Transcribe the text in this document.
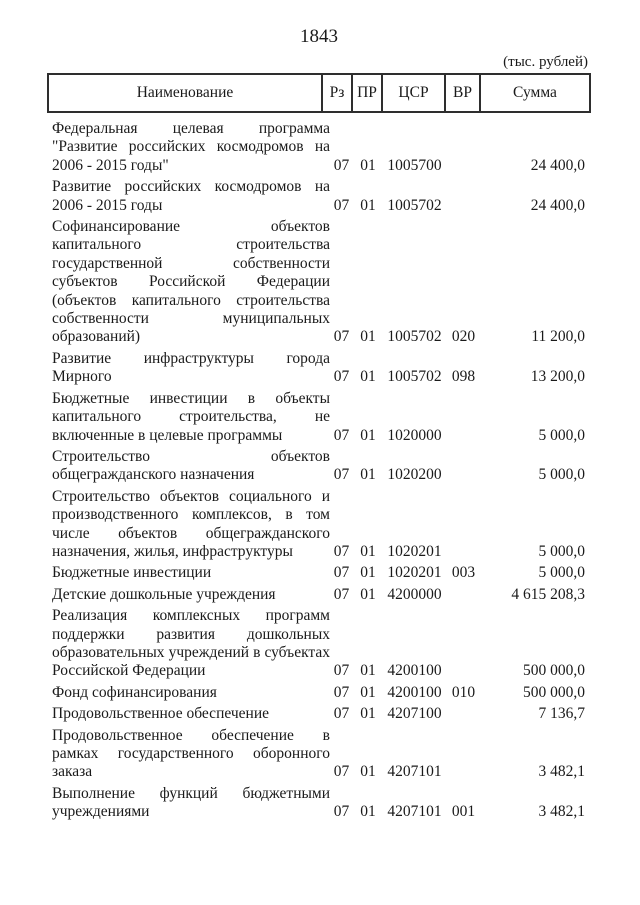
1843
(тыс. рублей)
Наименование	Рз ПР	ЦСР	ВР	Сумма
Федеральная целевая программа "Развитие российских космодромов на 2006 - 2015 годы"	07 01 1005700	24 400,0
Развитие российских космодромов на 2006 - 2015 годы	07 01 1005702	24 400,0
Софинансирование объектов капитального строительства государственной собственности субъектов Российской Федерации (объектов капитального строительства собственности муниципальных образований)	07 01 1005702 020	11 200,0
Развитие инфраструктуры города Мирного	07 01 1005702 098	13 200,0
Бюджетные инвестиции в объекты капитального строительства, не включенные в целевые программы	07 01 1020000	5 000,0
Строительство объектов общегражданского назначения	07 01 1020200	5 000,0
Строительство объектов социального и производственного комплексов, в том числе объектов общегражданского назначения, жилья, инфраструктуры	07 01 1020201	5 000,0
Бюджетные инвестиции	07 01 1020201 003	5 000,0
Детские дошкольные учреждения	07 01 4200000	4 615 208,3
Реализация комплексных программ поддержки развития дошкольных образовательных учреждений в субъектах Российской Федерации	07 01 4200100	500 000,0
Фонд софинансирования	07 01 4200100 010	500 000,0
Продовольственное обеспечение	07 01 4207100	7 136,7
Продовольственное обеспечение в рамках государственного оборонного заказа	07 01 4207101	3 482,1
Выполнение функций бюджетными учреждениями	07 01 4207101 001	3 482,1
